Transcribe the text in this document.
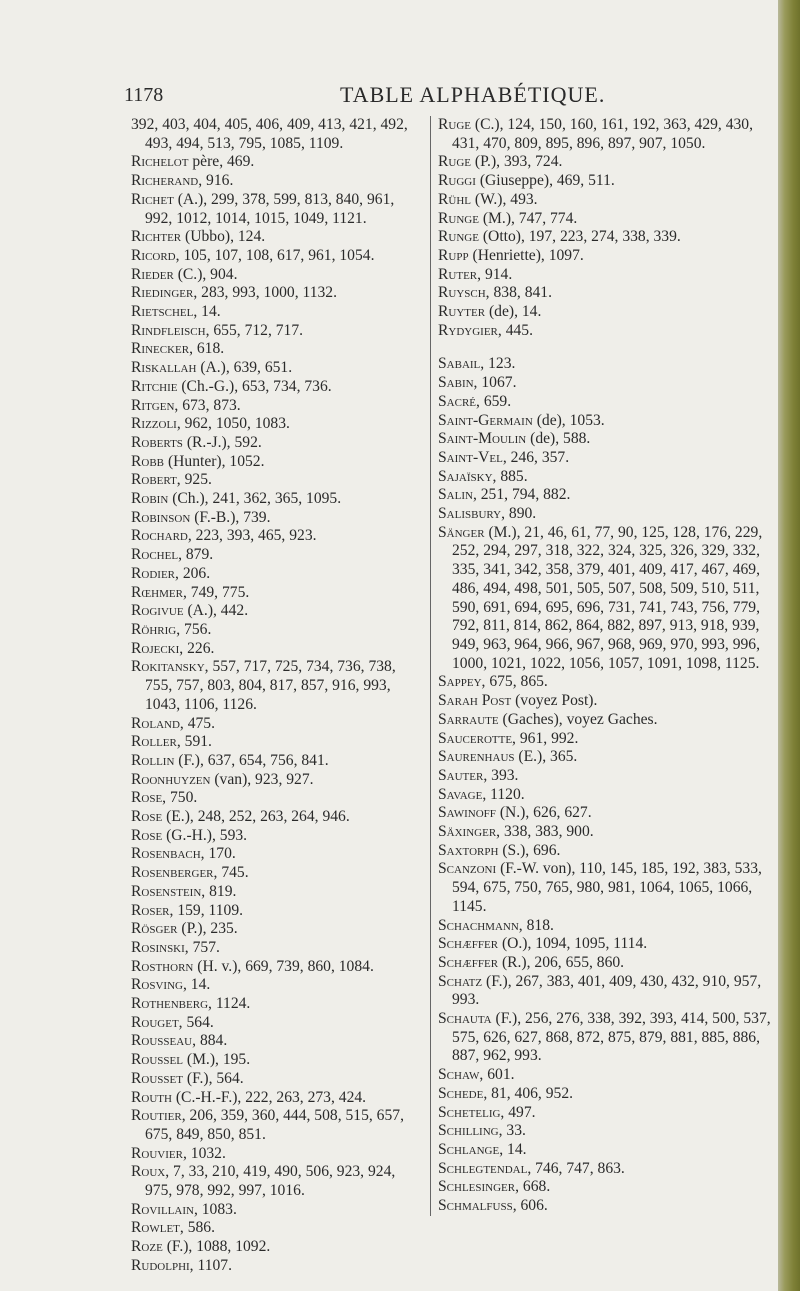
1178	TABLE ALPHABÉTIQUE.
392, 403, 404, 405, 406, 409, 413, 421, 492, 493, 494, 513, 795, 1085, 1109.
Richelot père, 469.
Richerand, 916.
Richet (A.), 299, 378, 599, 813, 840, 961, 992, 1012, 1014, 1015, 1049, 1121.
Richter (Ubbo), 124.
Ricord, 105, 107, 108, 617, 961, 1054.
Rieder (C.), 904.
Riedinger, 283, 993, 1000, 1132.
Rietschel, 14.
Rindfleisch, 655, 712, 717.
Rinecker, 618.
Riskallah (A.), 639, 651.
Ritchie (Ch.-G.), 653, 734, 736.
Ritgen, 673, 873.
Rizzoli, 962, 1050, 1083.
Roberts (R.-J.), 592.
Robb (Hunter), 1052.
Robert, 925.
Robin (Ch.), 241, 362, 365, 1095.
Robinson (F.-B.), 739.
Rochard, 223, 393, 465, 923.
Rochel, 879.
Rodier, 206.
Rœhmer, 749, 775.
Rogivue (A.), 442.
Röhrig, 756.
Rojecki, 226.
Rokitansky, 557, 717, 725, 734, 736, 738, 755, 757, 803, 804, 817, 857, 916, 993, 1043, 1106, 1126.
Roland, 475.
Roller, 591.
Rollin (F.), 637, 654, 756, 841.
Roonhuyzen (van), 923, 927.
Rose, 750.
Rose (E.), 248, 252, 263, 264, 946.
Rose (G.-H.), 593.
Rosenbach, 170.
Rosenberger, 745.
Rosenstein, 819.
Roser, 159, 1109.
Rösger (P.), 235.
Rosinski, 757.
Rosthorn (H. v.), 669, 739, 860, 1084.
Rosving, 14.
Rothenberg, 1124.
Rouget, 564.
Rousseau, 884.
Roussel (M.), 195.
Rousset (F.), 564.
Routh (C.-H.-F.), 222, 263, 273, 424.
Routier, 206, 359, 360, 444, 508, 515, 657, 675, 849, 850, 851.
Rouvier, 1032.
Roux, 7, 33, 210, 419, 490, 506, 923, 924, 975, 978, 992, 997, 1016.
Rovillain, 1083.
Rowlet, 586.
Roze (F.), 1088, 1092.
Rudolphi, 1107.
Ruge (C.), 124, 150, 160, 161, 192, 363, 429, 430, 431, 470, 809, 895, 896, 897, 907, 1050.
Ruge (P.), 393, 724.
Ruggi (Giuseppe), 469, 511.
Rühl (W.), 493.
Runge (M.), 747, 774.
Runge (Otto), 197, 223, 274, 338, 339.
Rupp (Henriette), 1097.
Ruter, 914.
Ruysch, 838, 841.
Ruyter (de), 14.
Rydygier, 445.
Sabail, 123.
Sabin, 1067.
Sacré, 659.
Saint-Germain (de), 1053.
Saint-Moulin (de), 588.
Saint-Vel, 246, 357.
Sajaïsky, 885.
Salin, 251, 794, 882.
Salisbury, 890.
Sänger (M.), 21, 46, 61, 77, 90, 125, 128, 176, 229, 252, 294, 297, 318, 322, 324, 325, 326, 329, 332, 335, 341, 342, 358, 379, 401, 409, 417, 467, 469, 486, 494, 498, 501, 505, 507, 508, 509, 510, 511, 590, 691, 694, 695, 696, 731, 741, 743, 756, 779, 792, 811, 814, 862, 864, 882, 897, 913, 918, 939, 949, 963, 964, 966, 967, 968, 969, 970, 993, 996, 1000, 1021, 1022, 1056, 1057, 1091, 1098, 1125.
Sappey, 675, 865.
Sarah Post (voyez Post).
Sarraute (Gaches), voyez Gaches.
Saucerotte, 961, 992.
Saurenhaus (E.), 365.
Sauter, 393.
Savage, 1120.
Sawinoff (N.), 626, 627.
Säxinger, 338, 383, 900.
Saxtorph (S.), 696.
Scanzoni (F.-W. von), 110, 145, 185, 192, 383, 533, 594, 675, 750, 765, 980, 981, 1064, 1065, 1066, 1145.
Schachmann, 818.
Schæffer (O.), 1094, 1095, 1114.
Schæffer (R.), 206, 655, 860.
Schatz (F.), 267, 383, 401, 409, 430, 432, 910, 957, 993.
Schauta (F.), 256, 276, 338, 392, 393, 414, 500, 537, 575, 626, 627, 868, 872, 875, 879, 881, 885, 886, 887, 962, 993.
Schaw, 601.
Schede, 81, 406, 952.
Schetelig, 497.
Schilling, 33.
Schlange, 14.
Schlegtendal, 746, 747, 863.
Schlesinger, 668.
Schmalfuss, 606.
